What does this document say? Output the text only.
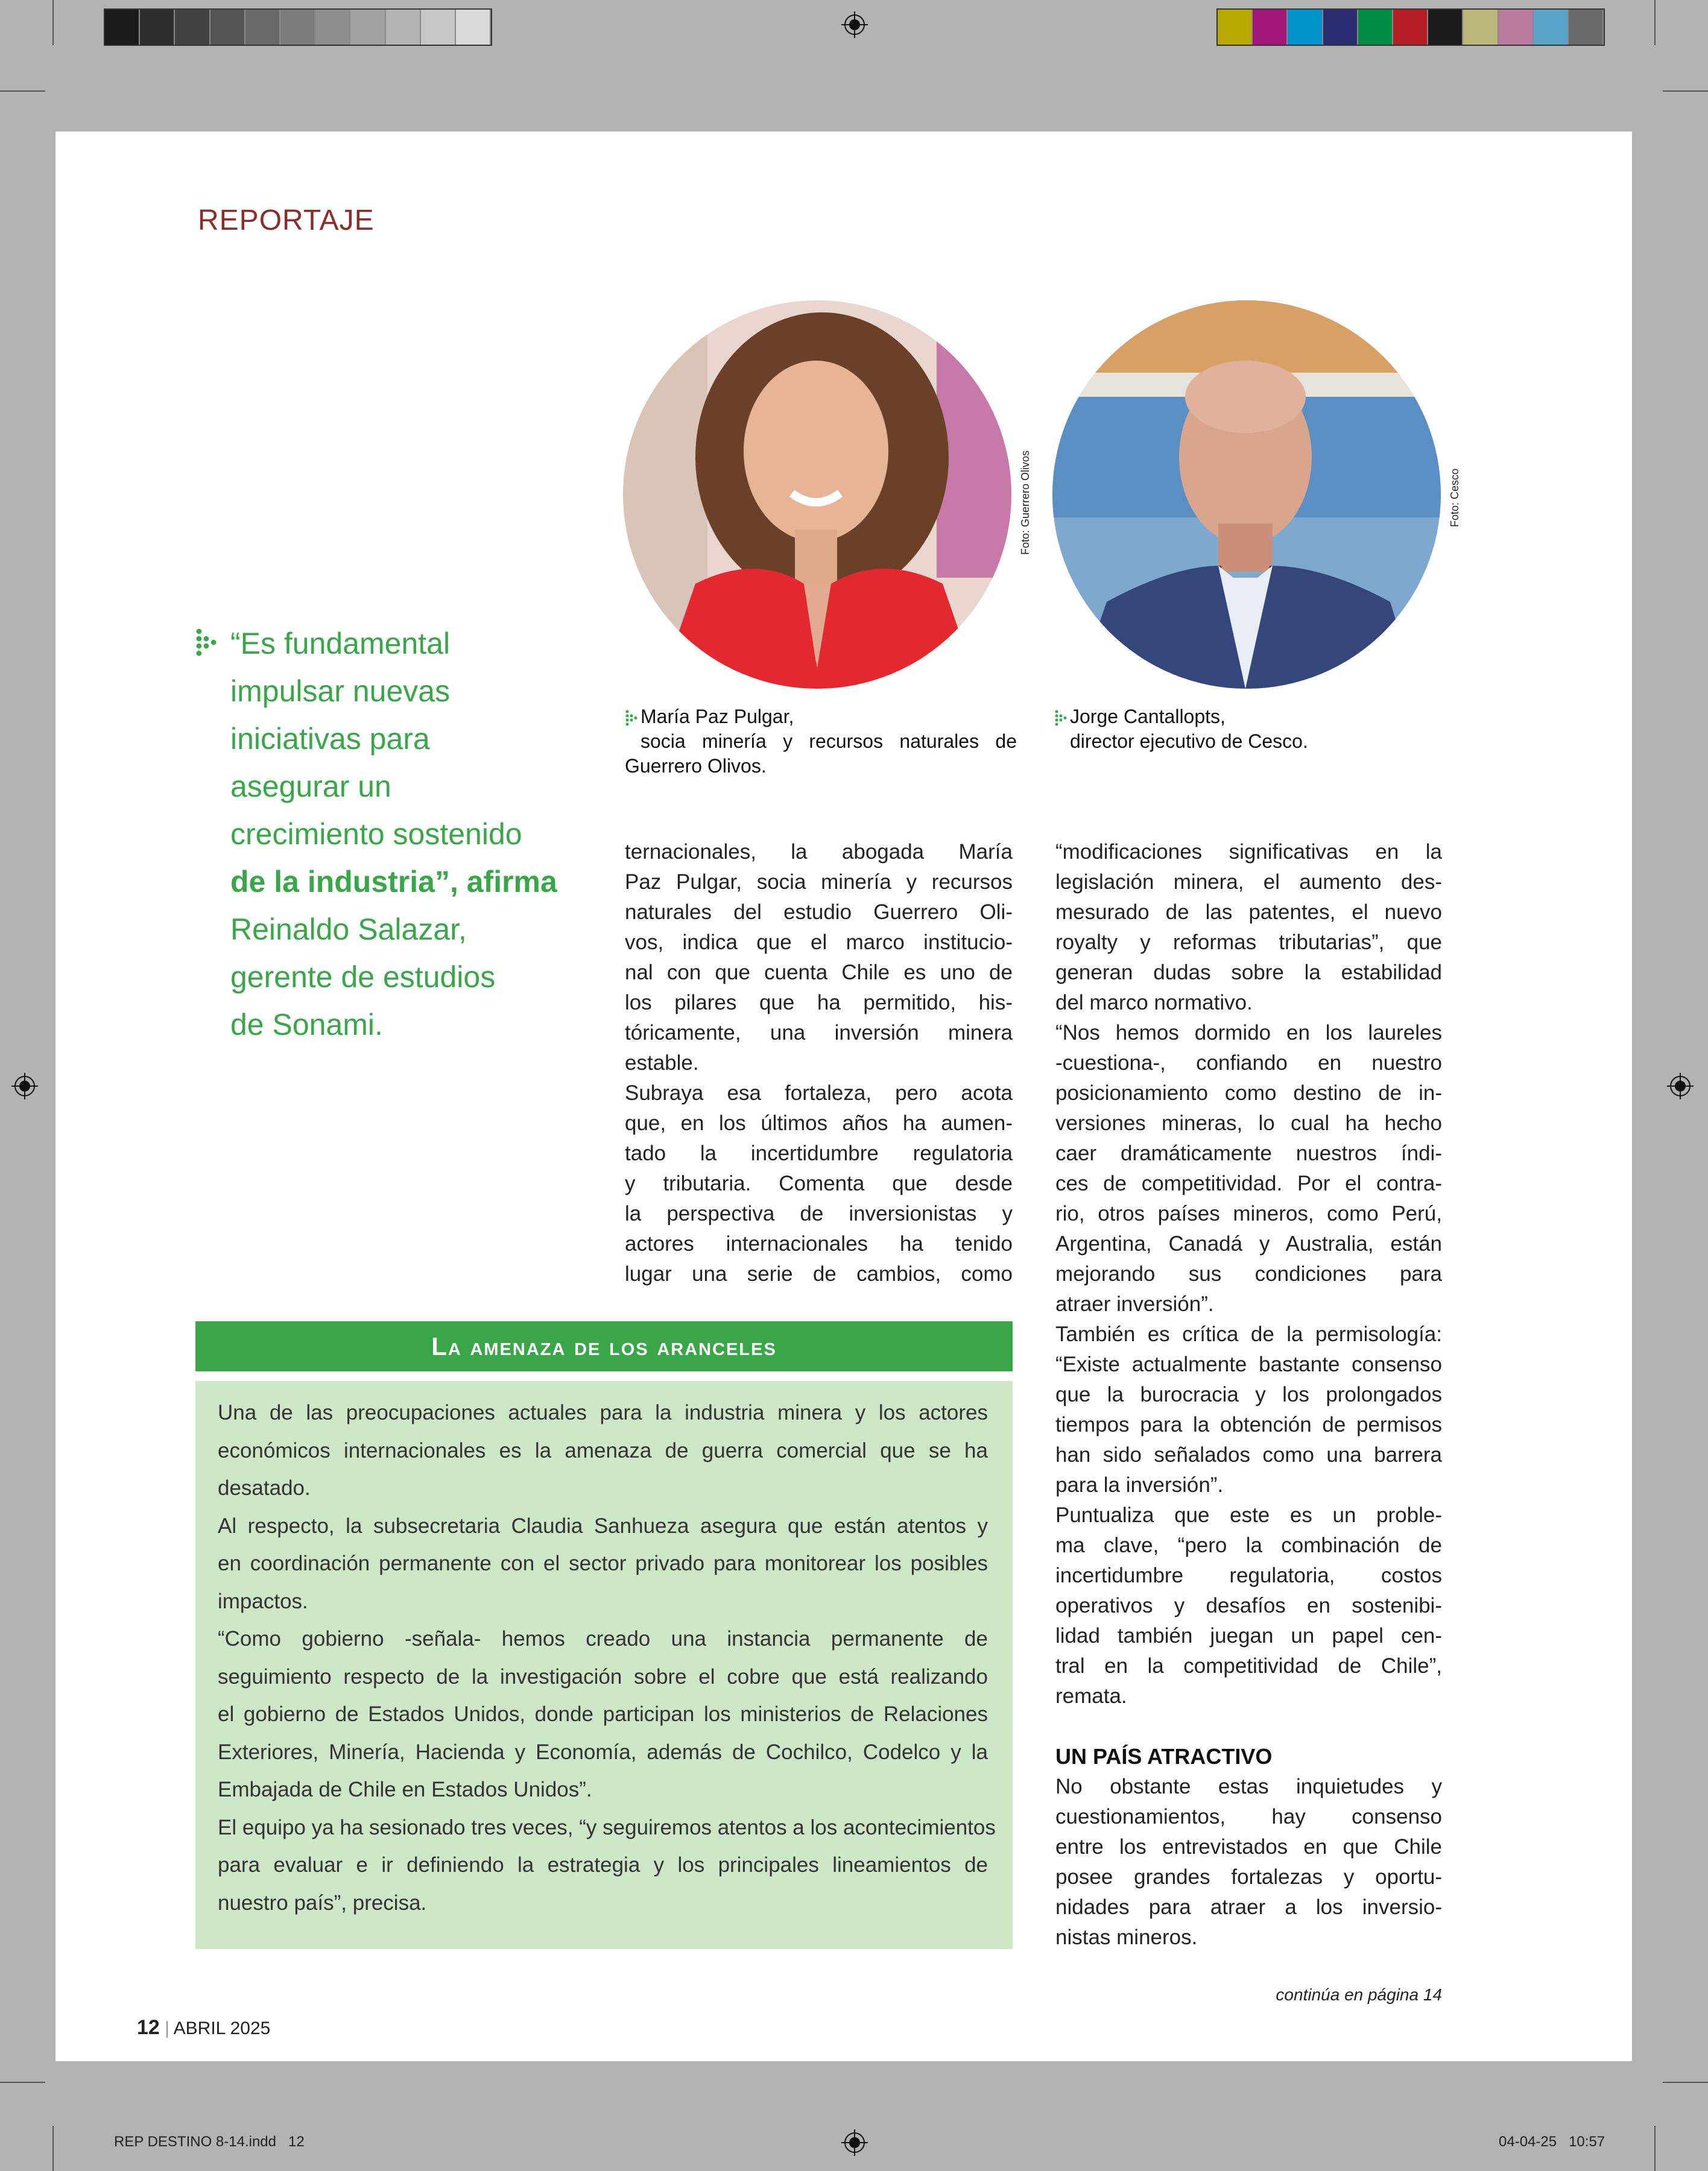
REP DESTINO 8-14.indd   12	04-04-25   10:57
REPORTAJE
Foto: Guerrero Olivos	Foto: Cesco
María Paz Pulgar,
socia minería y recursos naturales de
Guerrero Olivos.
Jorge Cantallopts,
director ejecutivo de Cesco.
“Es fundamental
impulsar nuevas
iniciativas para
asegurar un
crecimiento sostenido
de la industria”, afirma
Reinaldo Salazar,
gerente de estudios
de Sonami.
ternacionales, la abogada María
Paz Pulgar, socia minería y recursos
naturales del estudio Guerrero Oli-
vos, indica que el marco institucio-
nal con que cuenta Chile es uno de
los pilares que ha permitido, his-
tóricamente, una inversión minera
estable.
Subraya esa fortaleza, pero acota
que, en los últimos años ha aumen-
tado la incertidumbre regulatoria
y tributaria. Comenta que desde
la perspectiva de inversionistas y
actores internacionales ha tenido
lugar una serie de cambios, como
“modificaciones significativas en la
legislación minera, el aumento des-
mesurado de las patentes, el nuevo
royalty y reformas tributarias”, que
generan dudas sobre la estabilidad
del marco normativo.
“Nos hemos dormido en los laureles
-cuestiona-, confiando en nuestro
posicionamiento como destino de in-
versiones mineras, lo cual ha hecho
caer dramáticamente nuestros índi-
ces de competitividad. Por el contra-
rio, otros países mineros, como Perú,
Argentina, Canadá y Australia, están
mejorando sus condiciones para
atraer inversión”.
También es crítica de la permisología:
“Existe actualmente bastante consenso
que la burocracia y los prolongados
tiempos para la obtención de permisos
han sido señalados como una barrera
para la inversión”.
Puntualiza que este es un proble-
ma clave, “pero la combinación de
incertidumbre regulatoria, costos
operativos y desafíos en sostenibi-
lidad también juegan un papel cen-
tral en la competitividad de Chile”,
remata.
UN PAÍS ATRACTIVO
No obstante estas inquietudes y
cuestionamientos, hay consenso
entre los entrevistados en que Chile
posee grandes fortalezas y oportu-
nidades para atraer a los inversio-
nistas mineros.
La amenaza de los aranceles
Una de las preocupaciones actuales para la industria minera y los actores
económicos internacionales es la amenaza de guerra comercial que se ha
desatado.
Al respecto, la subsecretaria Claudia Sanhueza asegura que están atentos y
en coordinación permanente con el sector privado para monitorear los posibles
impactos.
“Como gobierno -señala- hemos creado una instancia permanente de
seguimiento respecto de la investigación sobre el cobre que está realizando
el gobierno de Estados Unidos, donde participan los ministerios de Relaciones
Exteriores, Minería, Hacienda y Economía, además de Cochilco, Codelco y la
Embajada de Chile en Estados Unidos”.
El equipo ya ha sesionado tres veces, “y seguiremos atentos a los acontecimientos
para evaluar e ir definiendo la estrategia y los principales lineamientos de
nuestro país”, precisa.
12 | ABRIL 2025
continúa en página 14
